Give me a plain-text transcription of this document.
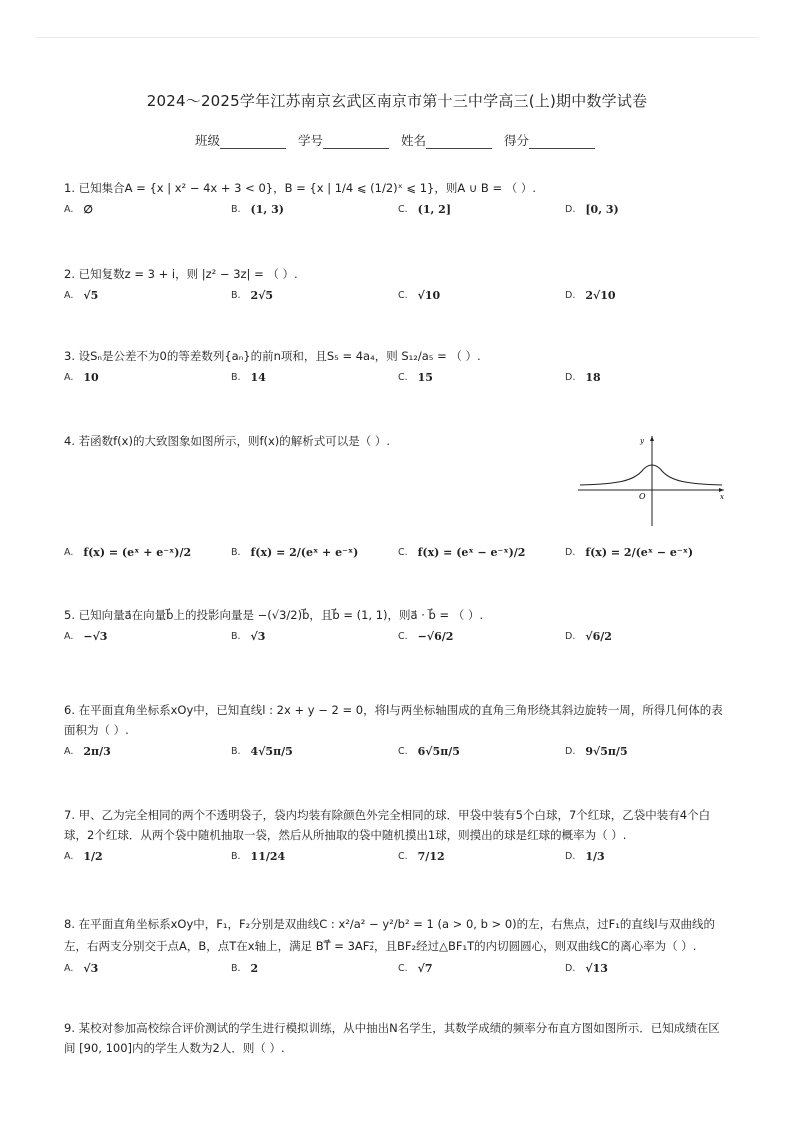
2024～2025学年江苏南京玄武区南京市第十三中学高三(上)期中数学试卷
班级	学号	姓名	得分
1. 已知集合A = {x | x² − 4x + 3 < 0}，B = {x | 1/4 ⩽ (1/2)ˣ ⩽ 1}，则A ∪ B = （ ）.
A. ∅	B. (1, 3)	C. (1, 2]	D. [0, 3)
2. 已知复数z = 3 + i，则 |z² − 3z| = （ ）.
A. √5	B. 2√5	C. √10	D. 2√10
3. 设Sₙ是公差不为0的等差数列{aₙ}的前n项和，且S₅ = 4a₄，则 S₁₂/a₅ = （ ）.
A. 10	B. 14	C. 15	D. 18
4. 若函数f(x)的大致图象如图所示，则f(x)的解析式可以是（ ）.	y
x
O
A. f(x) = (eˣ + e⁻ˣ)/2	B. f(x) = 2/(eˣ + e⁻ˣ)	C. f(x) = (eˣ − e⁻ˣ)/2	D. f(x) = 2/(eˣ − e⁻ˣ)
5. 已知向量a⃗在向量b⃗上的投影向量是 −(√3/2)b⃗，且b⃗ = (1, 1)，则a⃗ · b⃗ = （ ）.
A. −√3	B. √3	C. −√6/2	D. √6/2
6. 在平面直角坐标系xOy中，已知直线l : 2x + y − 2 = 0，将l与两坐标轴围成的直角三角形绕其斜边旋转一周，所得几何体的表面积为（ ）.
A. 2π/3	B. 4√5π/5	C. 6√5π/5	D. 9√5π/5
7. 甲、乙为完全相同的两个不透明袋子，袋内均装有除颜色外完全相同的球．甲袋中装有5个白球，7个红球，乙袋中装有4个白球，2个红球．从两个袋中随机抽取一袋，然后从所抽取的袋中随机摸出1球，则摸出的球是红球的概率为（ ）.
A. 1/2	B. 11/24	C. 7/12	D. 1/3
8. 在平面直角坐标系xOy中，F₁，F₂分别是双曲线C : x²/a² − y²/b² = 1 (a > 0, b > 0)的左，右焦点，过F₁的直线l与双曲线的左，右两支分别交于点A，B，点T在x轴上，满足 BT⃗ = 3AF₂⃗，且BF₂经过△BF₁T的内切圆圆心，则双曲线C的离心率为（ ）.
A. √3	B. 2	C. √7	D. √13
9. 某校对参加高校综合评价测试的学生进行模拟训练，从中抽出N名学生，其数学成绩的频率分布直方图如图所示．已知成绩在区间 [90, 100]内的学生人数为2人．则（ ）.
